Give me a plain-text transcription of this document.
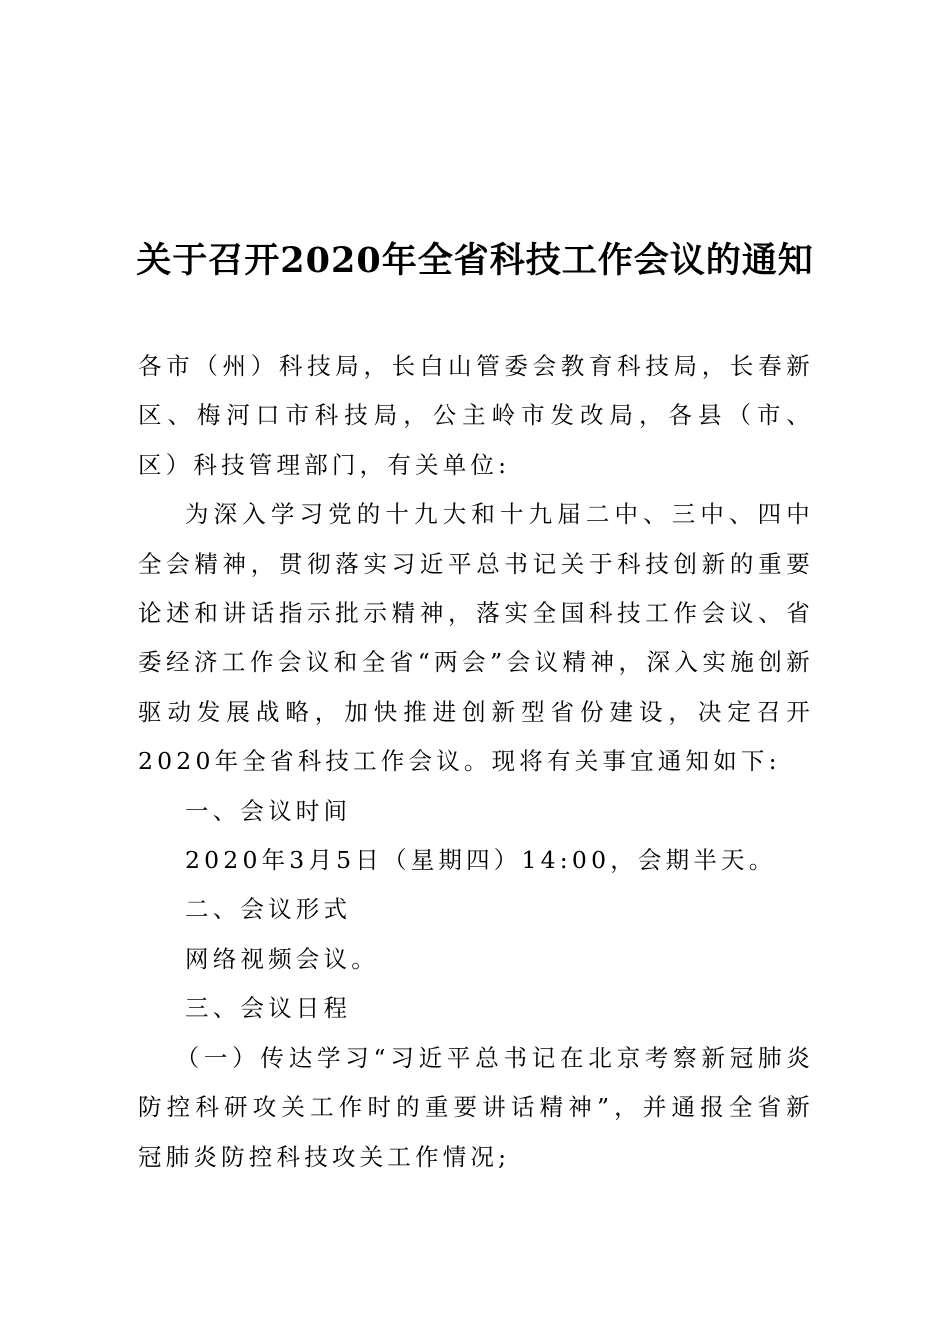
关于召开2020年全省科技工作会议的通知

各市（州）科技局，长白山管委会教育科技局，长春新区、梅河口市科技局，公主岭市发改局，各县（市、区）科技管理部门，有关单位:

为深入学习党的十九大和十九届二中、三中、四中全会精神，贯彻落实习近平总书记关于科技创新的重要论述和讲话指示批示精神，落实全国科技工作会议、省委经济工作会议和全省“两会”会议精神，深入实施创新驱动发展战略，加快推进创新型省份建设，决定召开2020年全省科技工作会议。现将有关事宜通知如下:

一、会议时间

2020年3月5日（星期四）14:00，会期半天。

二、会议形式

网络视频会议。

三、会议日程

（一）传达学习“习近平总书记在北京考察新冠肺炎防控科研攻关工作时的重要讲话精神”，并通报全省新冠肺炎防控科技攻关工作情况;
